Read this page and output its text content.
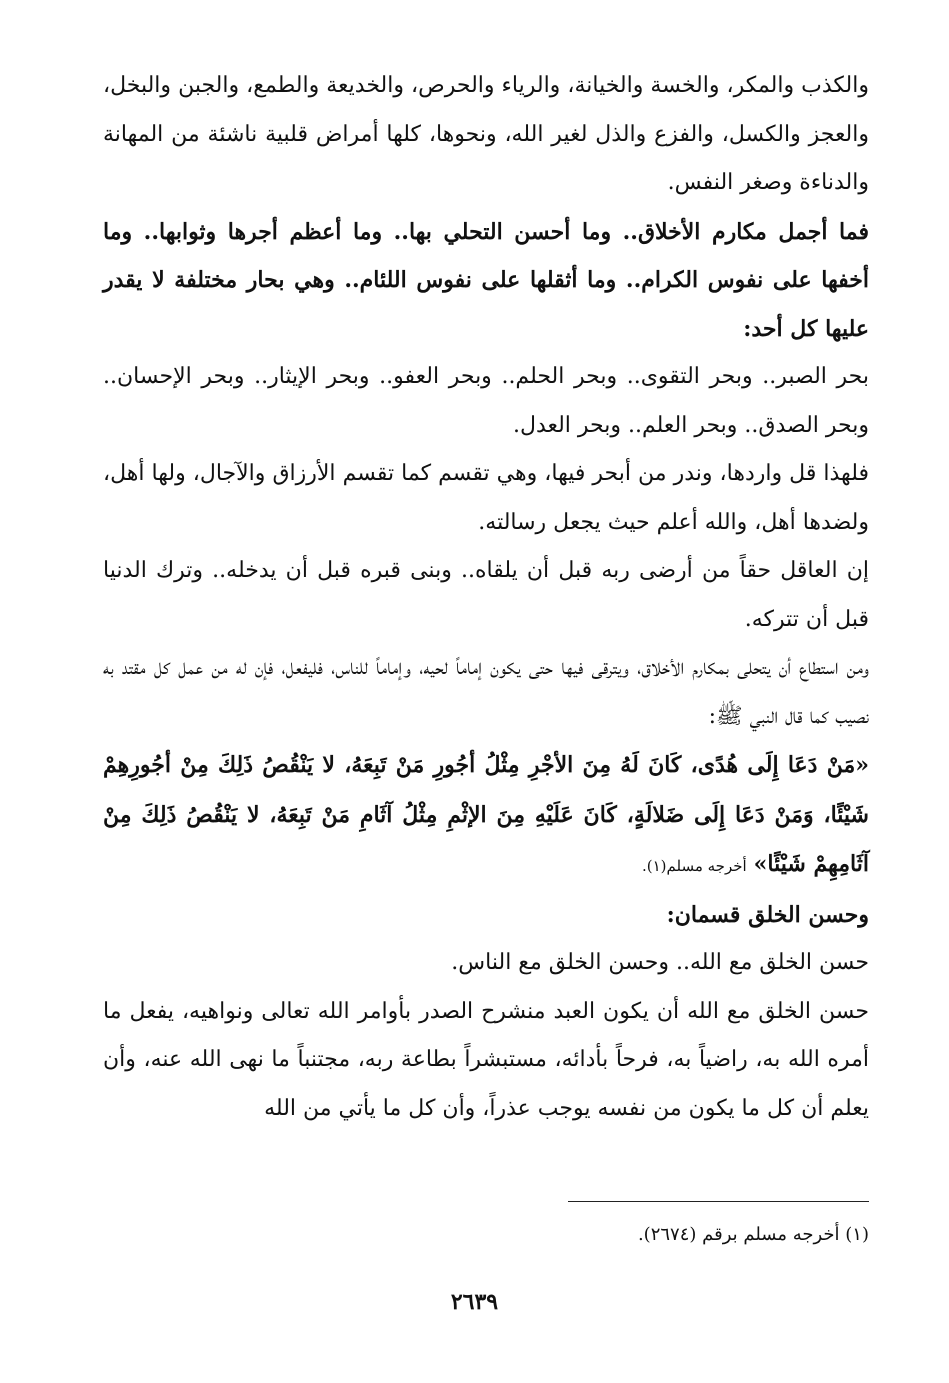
والكذب والمكر، والخسة والخيانة، والرياء والحرص، والخديعة والطمع، والجبن والبخل، والعجز والكسل، والفزع والذل لغير الله، ونحوها، كلها أمراض قلبية ناشئة من المهانة والدناءة وصغر النفس.

فما أجمل مكارم الأخلاق.. وما أحسن التحلي بها.. وما أعظم أجرها وثوابها.. وما أخفها على نفوس الكرام.. وما أثقلها على نفوس اللئام.. وهي بحار مختلفة لا يقدر عليها كل أحد:

بحر الصبر.. وبحر التقوى.. وبحر الحلم.. وبحر العفو.. وبحر الإيثار.. وبحر الإحسان.. وبحر الصدق.. وبحر العلم.. وبحر العدل.

فلهذا قل واردها، وندر من أبحر فيها، وهي تقسم كما تقسم الأرزاق والآجال، ولها أهل، ولضدها أهل، والله أعلم حيث يجعل رسالته.

إن العاقل حقاً من أرضى ربه قبل أن يلقاه.. وبنى قبره قبل أن يدخله.. وترك الدنيا قبل أن تتركه.

ومن استطاع أن يتحلى بمكارم الأخلاق، ويترقى فيها حتى يكون إماماً لحيه، وإماماً للناس، فليفعل، فإن له من عمل كل مقتد به نصيب كما قال النبي ﷺ:

«مَنْ دَعَا إِلَى هُدًى، كَانَ لَهُ مِنَ الأجْرِ مِثْلُ أجُورِ مَنْ تَبِعَهُ، لا يَنْقُصُ ذَلِكَ مِنْ أجُورِهِمْ شَيْئًا، وَمَنْ دَعَا إِلَى ضَلالَةٍ، كَانَ عَلَيْهِ مِنَ الإثْمِ مِثْلُ آثَامِ مَنْ تَبِعَهُ، لا يَنْقُصُ ذَلِكَ مِنْ آثَامِهِمْ شَيْئًا» أخرجه مسلم(١).

وحسن الخلق قسمان:

حسن الخلق مع الله.. وحسن الخلق مع الناس.

حسن الخلق مع الله أن يكون العبد منشرح الصدر بأوامر الله تعالى ونواهيه، يفعل ما أمره الله به، راضياً به، فرحاً بأدائه، مستبشراً بطاعة ربه، مجتنباً ما نهى الله عنه، وأن يعلم أن كل ما يكون من نفسه يوجب عذراً، وأن كل ما يأتي من الله

(١) أخرجه مسلم برقم (٢٦٧٤).
٢٦٣٩
